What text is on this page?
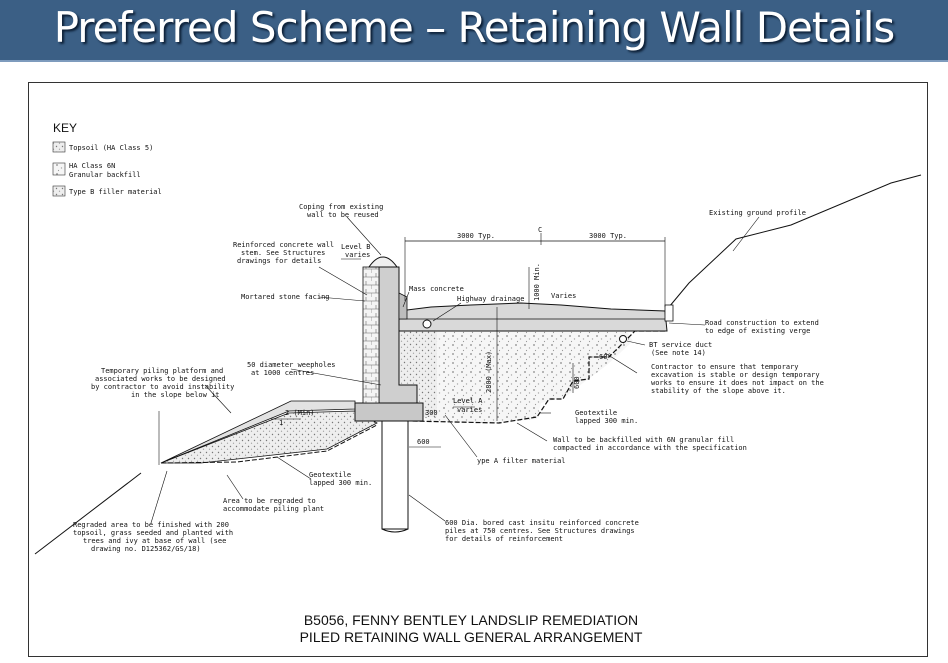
Preferred Scheme – Retaining Wall Details
KEY
Topsoil (HA Class 5)
HA Class 6N
Granular backfill
Type B filler material
Coping from existing
wall to be reused
Reinforced concrete wall
stem. See Structures
drawings for details
Level B
varies
Mass concrete
Mortared stone facing	Highway drainage
3000 Typ.	3000 Typ.
C
1000 Min. Varies
Existing ground profile
Road construction to extend
to edge of existing verge
BT service duct
(See note 14)
60°
Contractor to ensure that temporary
excavation is stable or design temporary
works to ensure it does not impact on the
stability of the slope above it.
600
2800 (Max)
50 diameter weepholes
at 1000 centres
Temporary piling platform and
associated works to be designed
by contractor to avoid instability
in the slope below it
2 (Min)
1
Level A
varies
300	Geotextile
lapped 300 min.
Wall to be backfilled with 6N granular fill
compacted in accordance with the specification
600
ype A filter material
Geotextile
lapped 300 min.
Area to be regraded to
accommodate piling plant
Regraded area to be finished with 200
topsoil, grass seeded and planted with
trees and ivy at base of wall (see
drawing no. D125362/GS/18)
600 Dia. bored cast insitu reinforced concrete
piles at 750 centres. See Structures drawings
for details of reinforcement
B5056, FENNY BENTLEY LANDSLIP REMEDIATION
PILED RETAINING WALL GENERAL ARRANGEMENT
